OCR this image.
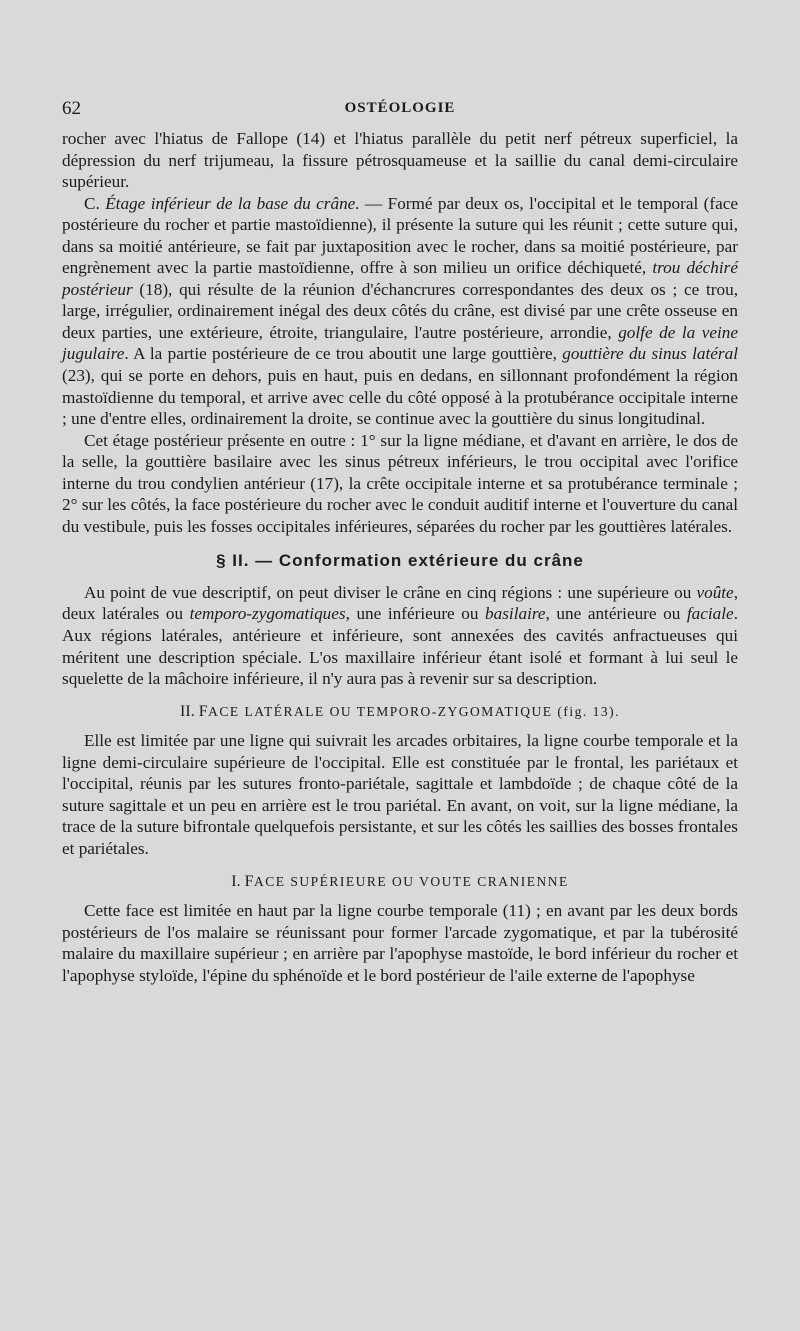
62	OSTÉOLOGIE

rocher avec l'hiatus de Fallope (14) et l'hiatus parallèle du petit nerf pétreux superficiel, la dépression du nerf trijumeau, la fissure pétrosquameuse et la saillie du canal demi-circulaire supérieur.

C. Étage inférieur de la base du crâne. — Formé par deux os, l'occipital et le temporal (face postérieure du rocher et partie mastoïdienne), il présente la suture qui les réunit ; cette suture qui, dans sa moitié antérieure, se fait par juxtaposition avec le rocher, dans sa moitié postérieure, par engrènement avec la partie mastoïdienne, offre à son milieu un orifice déchiqueté, trou déchiré postérieur (18), qui résulte de la réunion d'échancrures correspondantes des deux os ; ce trou, large, irrégulier, ordinairement inégal des deux côtés du crâne, est divisé par une crête osseuse en deux parties, une extérieure, étroite, triangulaire, l'autre postérieure, arrondie, golfe de la veine jugulaire. A la partie postérieure de ce trou aboutit une large gouttière, gouttière du sinus latéral (23), qui se porte en dehors, puis en haut, puis en dedans, en sillonnant profondément la région mastoïdienne du temporal, et arrive avec celle du côté opposé à la protubérance occipitale interne ; une d'entre elles, ordinairement la droite, se continue avec la gouttière du sinus longitudinal.

Cet étage postérieur présente en outre : 1° sur la ligne médiane, et d'avant en arrière, le dos de la selle, la gouttière basilaire avec les sinus pétreux inférieurs, le trou occipital avec l'orifice interne du trou condylien antérieur (17), la crête occipitale interne et sa protubérance terminale ; 2° sur les côtés, la face postérieure du rocher avec le conduit auditif interne et l'ouverture du canal du vestibule, puis les fosses occipitales inférieures, séparées du rocher par les gouttières latérales.

§ II. — Conformation extérieure du crâne

Au point de vue descriptif, on peut diviser le crâne en cinq régions : une supérieure ou voûte, deux latérales ou temporo-zygomatiques, une inférieure ou basilaire, une antérieure ou faciale. Aux régions latérales, antérieure et inférieure, sont annexées des cavités anfractueuses qui méritent une description spéciale. L'os maxillaire inférieur étant isolé et formant à lui seul le squelette de la mâchoire inférieure, il n'y aura pas à revenir sur sa description.

II. FACE LATÉRALE OU TEMPORO-ZYGOMATIQUE (fig. 13).

Elle est limitée par une ligne qui suivrait les arcades orbitaires, la ligne courbe temporale et la ligne demi-circulaire supérieure de l'occipital. Elle est constituée par le frontal, les pariétaux et l'occipital, réunis par les sutures fronto-pariétale, sagittale et lambdoïde ; de chaque côté de la suture sagittale et un peu en arrière est le trou pariétal. En avant, on voit, sur la ligne médiane, la trace de la suture bifrontale quelquefois persistante, et sur les côtés les saillies des bosses frontales et pariétales.

I. FACE SUPÉRIEURE OU VOUTE CRANIENNE

Cette face est limitée en haut par la ligne courbe temporale (11) ; en avant par les deux bords postérieurs de l'os malaire se réunissant pour former l'arcade zygomatique, et par la tubérosité malaire du maxillaire supérieur ; en arrière par l'apophyse mastoïde, le bord inférieur du rocher et l'apophyse styloïde, l'épine du sphénoïde et le bord postérieur de l'aile externe de l'apophyse
